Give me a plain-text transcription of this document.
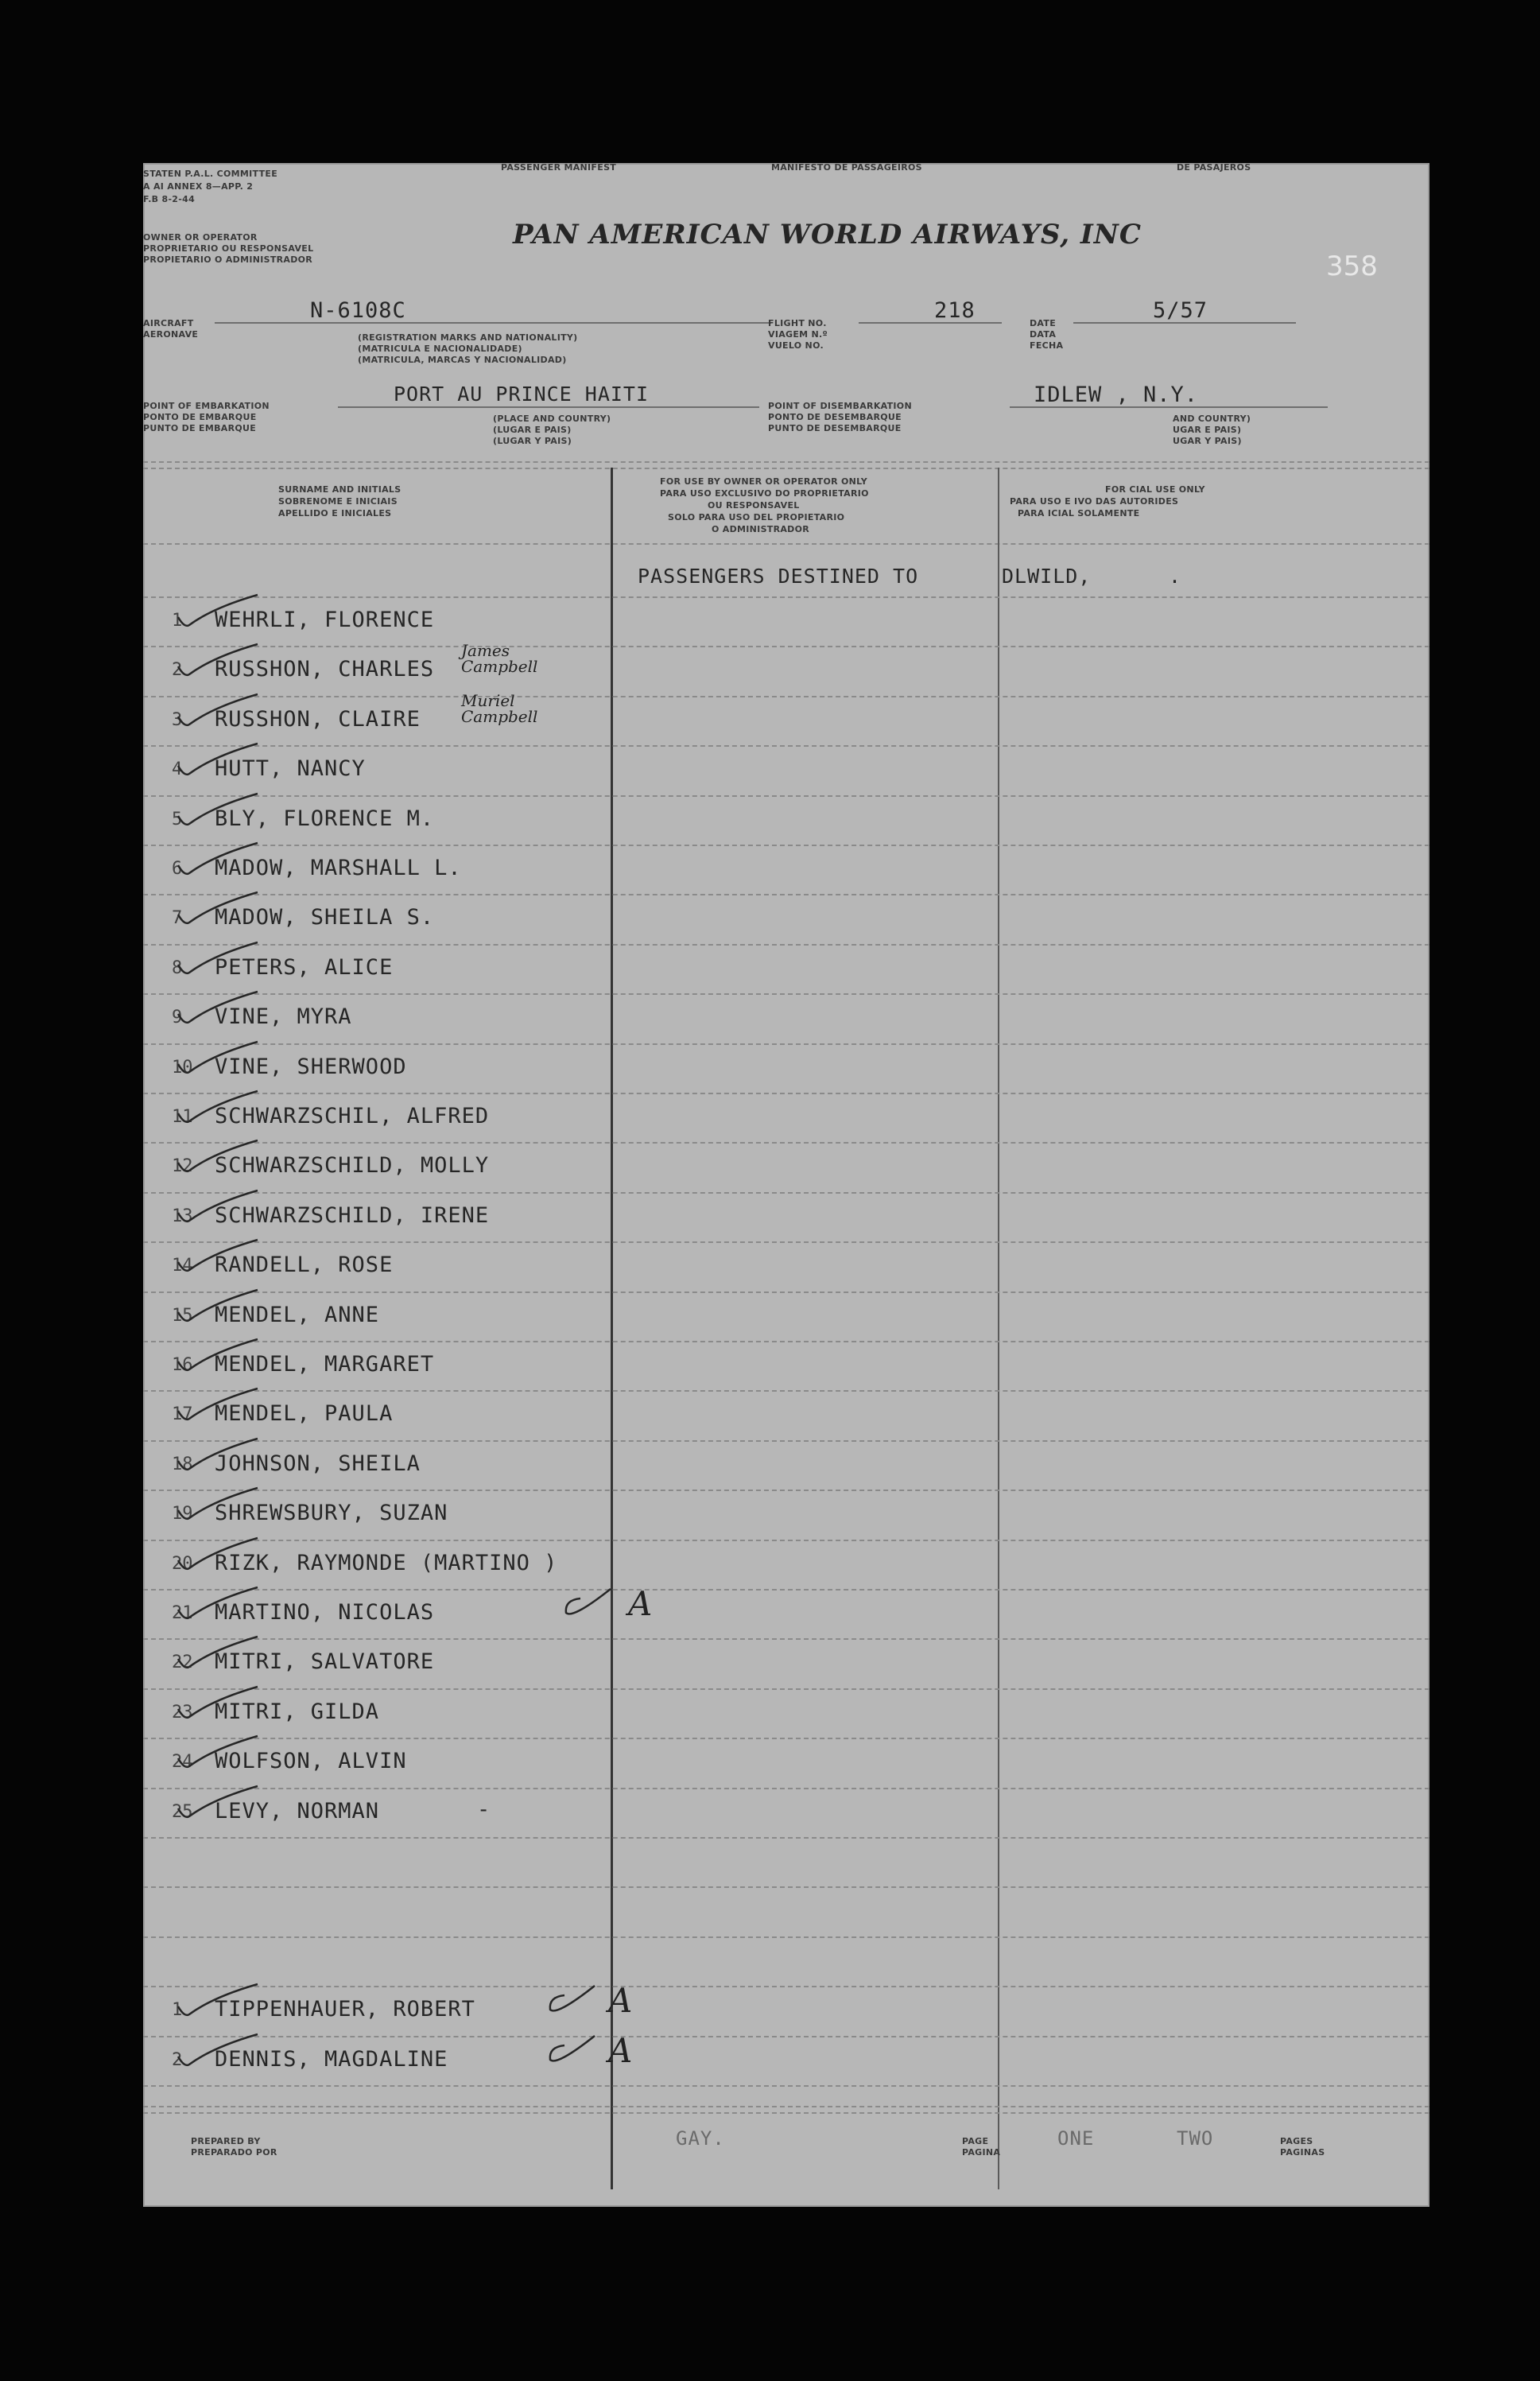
STATEN P.A.L. COMMITTEE
A AI ANNEX 8—APP. 2
F.B 8-2-44
PASSENGER MANIFEST	MANIFESTO DE PASSAGEIROS	DE PASAJEROS
OWNER OR OPERATOR
PROPRIETARIO OU RESPONSAVEL
PROPIETARIO O ADMINISTRADOR
PAN AMERICAN WORLD AIRWAYS, INC
AIRCRAFT
AERONAVE
N-6108C
(REGISTRATION MARKS AND NATIONALITY)
(MATRICULA E NACIONALIDADE)
(MATRICULA, MARCAS Y NACIONALIDAD)
FLIGHT NO.
VIAGEM N.º
VUELO NO.
218
DATE
DATA
FECHA
5/57
POINT OF EMBARKATION
PONTO DE EMBARQUE
PUNTO DE EMBARQUE
PORT AU PRINCE HAITI
(PLACE AND COUNTRY)
(LUGAR E PAIS)
(LUGAR Y PAIS)
POINT OF DISEMBARKATION
PONTO DE DESEMBARQUE
PUNTO DE DESEMBARQUE
IDLEW , N.Y.
AND COUNTRY)
UGAR E PAIS)
UGAR Y PAIS)
SURNAME AND INITIALS
SOBRENOME E INICIAIS
APELLIDO E INICIALES
FOR USE BY OWNER OR OPERATOR ONLY
PARA USO EXCLUSIVO DO PROPRIETARIO
OU RESPONSAVEL
SOLO PARA USO DEL PROPIETARIO
O ADMINISTRADOR
FOR CIAL USE ONLY
PARA USO E IVO DAS AUTORIDES
PARA ICIAL SOLAMENTE
PASSENGERS DESTINED TO	DLWILD,	.
1 WEHRLI, FLORENCE
2 RUSSHON, CHARLES
James Campbell
3 RUSSHON, CLAIRE
Muriel Campbell
4 HUTT, NANCY
5 BLY, FLORENCE M.
6 MADOW, MARSHALL L.
7 MADOW, SHEILA S.
8 PETERS, ALICE
9 VINE, MYRA
10 VINE, SHERWOOD
11 SCHWARZSCHIL, ALFRED
12 SCHWARZSCHILD, MOLLY
13 SCHWARZSCHILD, IRENE
14 RANDELL, ROSE
15 MENDEL, ANNE
16 MENDEL, MARGARET
17 MENDEL, PAULA
18 JOHNSON, SHEILA
19 SHREWSBURY, SUZAN
20 RIZK, RAYMONDE (MARTINO )
21 MARTINO, NICOLAS	A
22 MITRI, SALVATORE
23 MITRI, GILDA
24 WOLFSON, ALVIN
25 LEVY, NORMAN	-
1 TIPPENHAUER, ROBERT	A
2 DENNIS, MAGDALINE	A
PREPARED BY
PREPARADO POR
GAY.	PAGE
PAGINA
ONE	TWO	PAGES
PAGINAS
358
